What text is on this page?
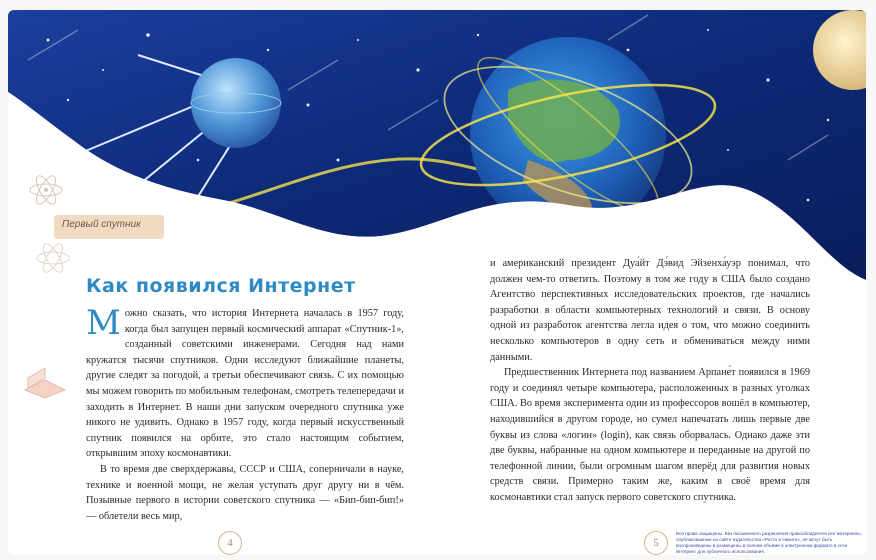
Первый спутник
Как появился Интернет

Можно сказать, что история Интернета началась в 1957 году, когда был запущен первый космический аппарат «Спутник-1», созданный советскими инженерами. Сегодня над нами кружатся тысячи спутников. Одни исследуют ближайшие планеты, другие следят за погодой, а третьи обеспечивают связь. С их помощью мы можем говорить по мобильным телефонам, смотреть телепередачи и заходить в Интернет. В наши дни запуском очередного спутника уже никого не удивить. Однако в 1957 году, когда первый искусственный спутник появился на орбите, это стало настоящим событием, открывшим эпоху космонавтики.

В то время две сверхдержавы, СССР и США, соперничали в науке, технике и военной мощи, не желая уступать друг другу ни в чём. Позывные первого в истории советского спутника — «Бип-бип-бип!» — облетели весь мир,

и американский президент Дуа́йт Дэ́вид Эйзенха́уэр понимал, что должен чем-то ответить. Поэтому в том же году в США было создано Агентство перспективных исследовательских проектов, где начались разработки в области компьютерных технологий и связи. В основу одной из разработок агентства легла идея о том, что можно соединить несколько компьютеров в одну сеть и обмениваться между ними данными.

Предшественник Интернета под названием Арпане́т появился в 1969 году и соединял четыре компьютера, расположенных в разных уголках США. Во время эксперимента один из профессоров вошёл в компьютер, находившийся в другом городе, но сумел напечатать лишь первые две буквы из слова «логин» (login), как связь оборвалась. Однако даже эти две буквы, набранные на одном компьютере и переданные на другой по телефонной линии, были огромным шагом вперёд для развития новых средств связи. Примерно таким же, каким в своё время для космонавтики стал запуск первого советского спутника.

4	5
Все права защищены. Без письменного разрешения правообладателя все материалы, опубликованные на сайте издательства «Росто и Никита», не могут быть воспроизведены и размещены в полном объёме в электронном формате в сети Интернет для публичного использования.
